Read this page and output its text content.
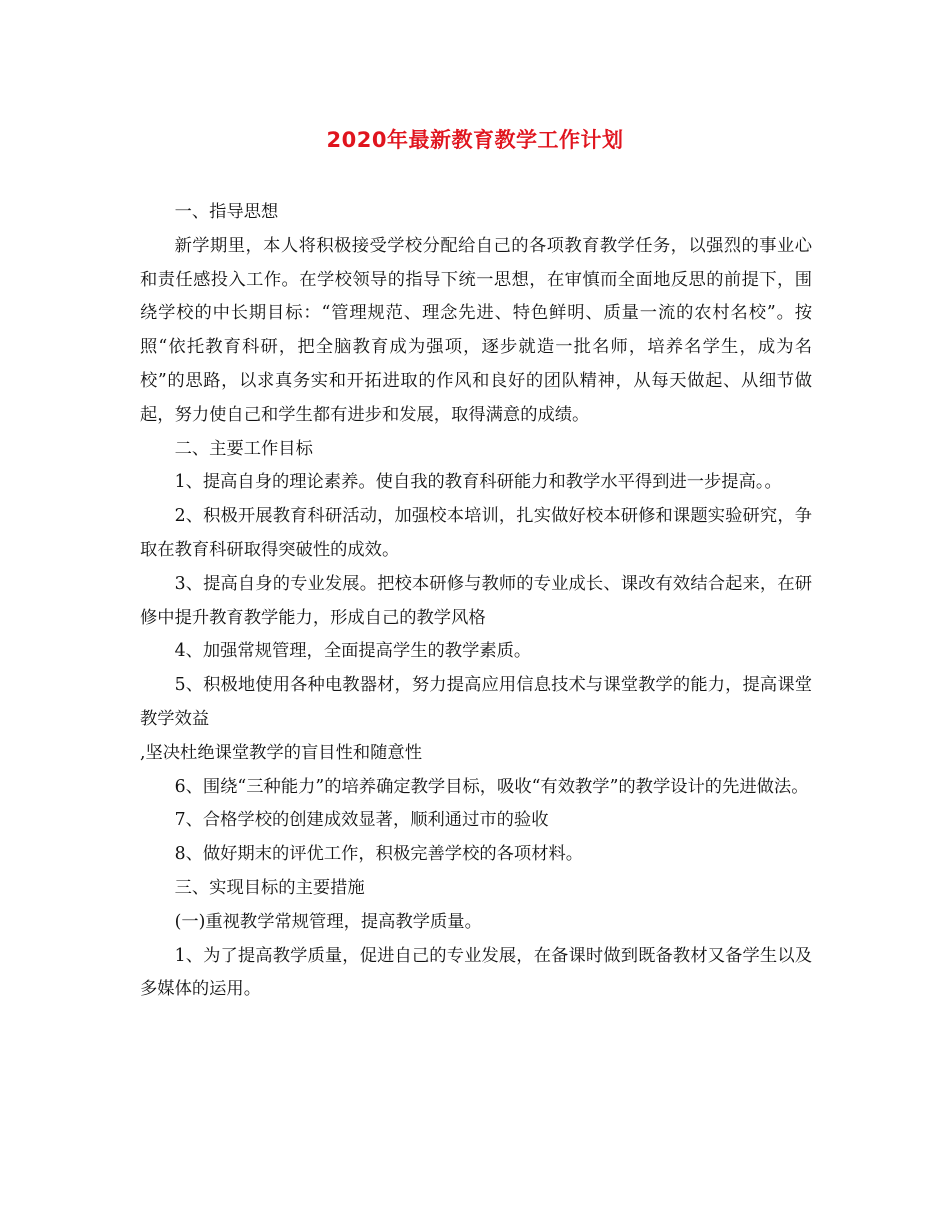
2020年最新教育教学工作计划

一、指导思想

新学期里，本人将积极接受学校分配给自己的各项教育教学任务，以强烈的事业心和责任感投入工作。在学校领导的指导下统一思想，在审慎而全面地反思的前提下，围绕学校的中长期目标：“管理规范、理念先进、特色鲜明、质量一流的农村名校”。按照“依托教育科研，把全脑教育成为强项，逐步就造一批名师，培养名学生，成为名校”的思路，以求真务实和开拓进取的作风和良好的团队精神，从每天做起、从细节做起，努力使自己和学生都有进步和发展，取得满意的成绩。

二、主要工作目标

1、提高自身的理论素养。使自我的教育科研能力和教学水平得到进一步提高。。

2、积极开展教育科研活动，加强校本培训，扎实做好校本研修和课题实验研究，争取在教育科研取得突破性的成效。

3、提高自身的专业发展。把校本研修与教师的专业成长、课改有效结合起来，在研修中提升教育教学能力，形成自己的教学风格

4、加强常规管理，全面提高学生的教学素质。

5、积极地使用各种电教器材，努力提高应用信息技术与课堂教学的能力，提高课堂教学效益

,坚决杜绝课堂教学的盲目性和随意性

6、围绕“三种能力”的培养确定教学目标，吸收“有效教学”的教学设计的先进做法。

7、合格学校的创建成效显著，顺利通过市的验收

8、做好期末的评优工作，积极完善学校的各项材料。

三、实现目标的主要措施

(一)重视教学常规管理，提高教学质量。

1、为了提高教学质量，促进自己的专业发展，在备课时做到既备教材又备学生以及多媒体的运用。
